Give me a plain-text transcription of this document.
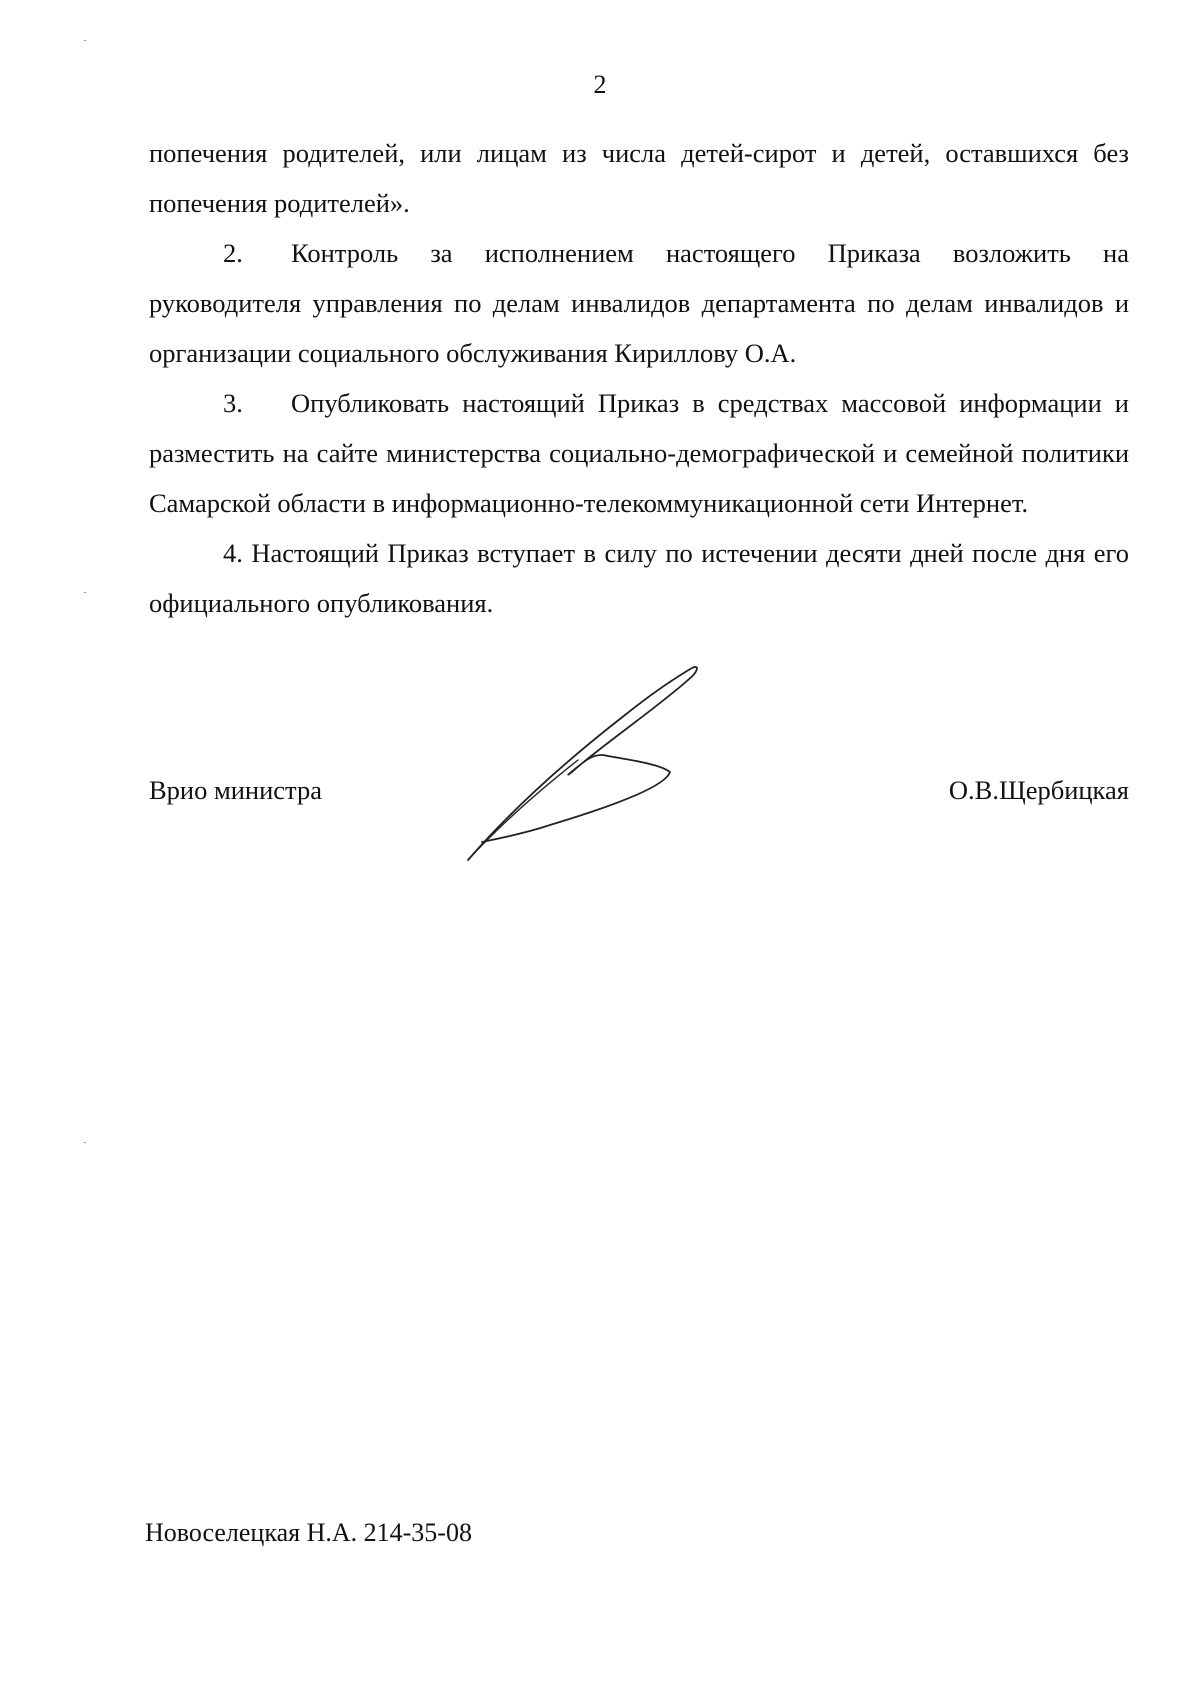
2

попечения родителей, или лицам из числа детей-сирот и детей, оставшихся без попечения родителей».

2. Контроль за исполнением настоящего Приказа возложить на руководителя управления по делам инвалидов департамента по делам инвалидов и организации социального обслуживания Кириллову О.А.

3. Опубликовать настоящий Приказ в средствах массовой информации и разместить на сайте министерства социально-демографической и семейной политики Самарской области в информационно-телекоммуникационной сети Интернет.

4. Настоящий Приказ вступает в силу по истечении десяти дней после дня его официального опубликования.

Врио министра	О.В.Щербицкая
Новоселецкая Н.А. 214-35-08
